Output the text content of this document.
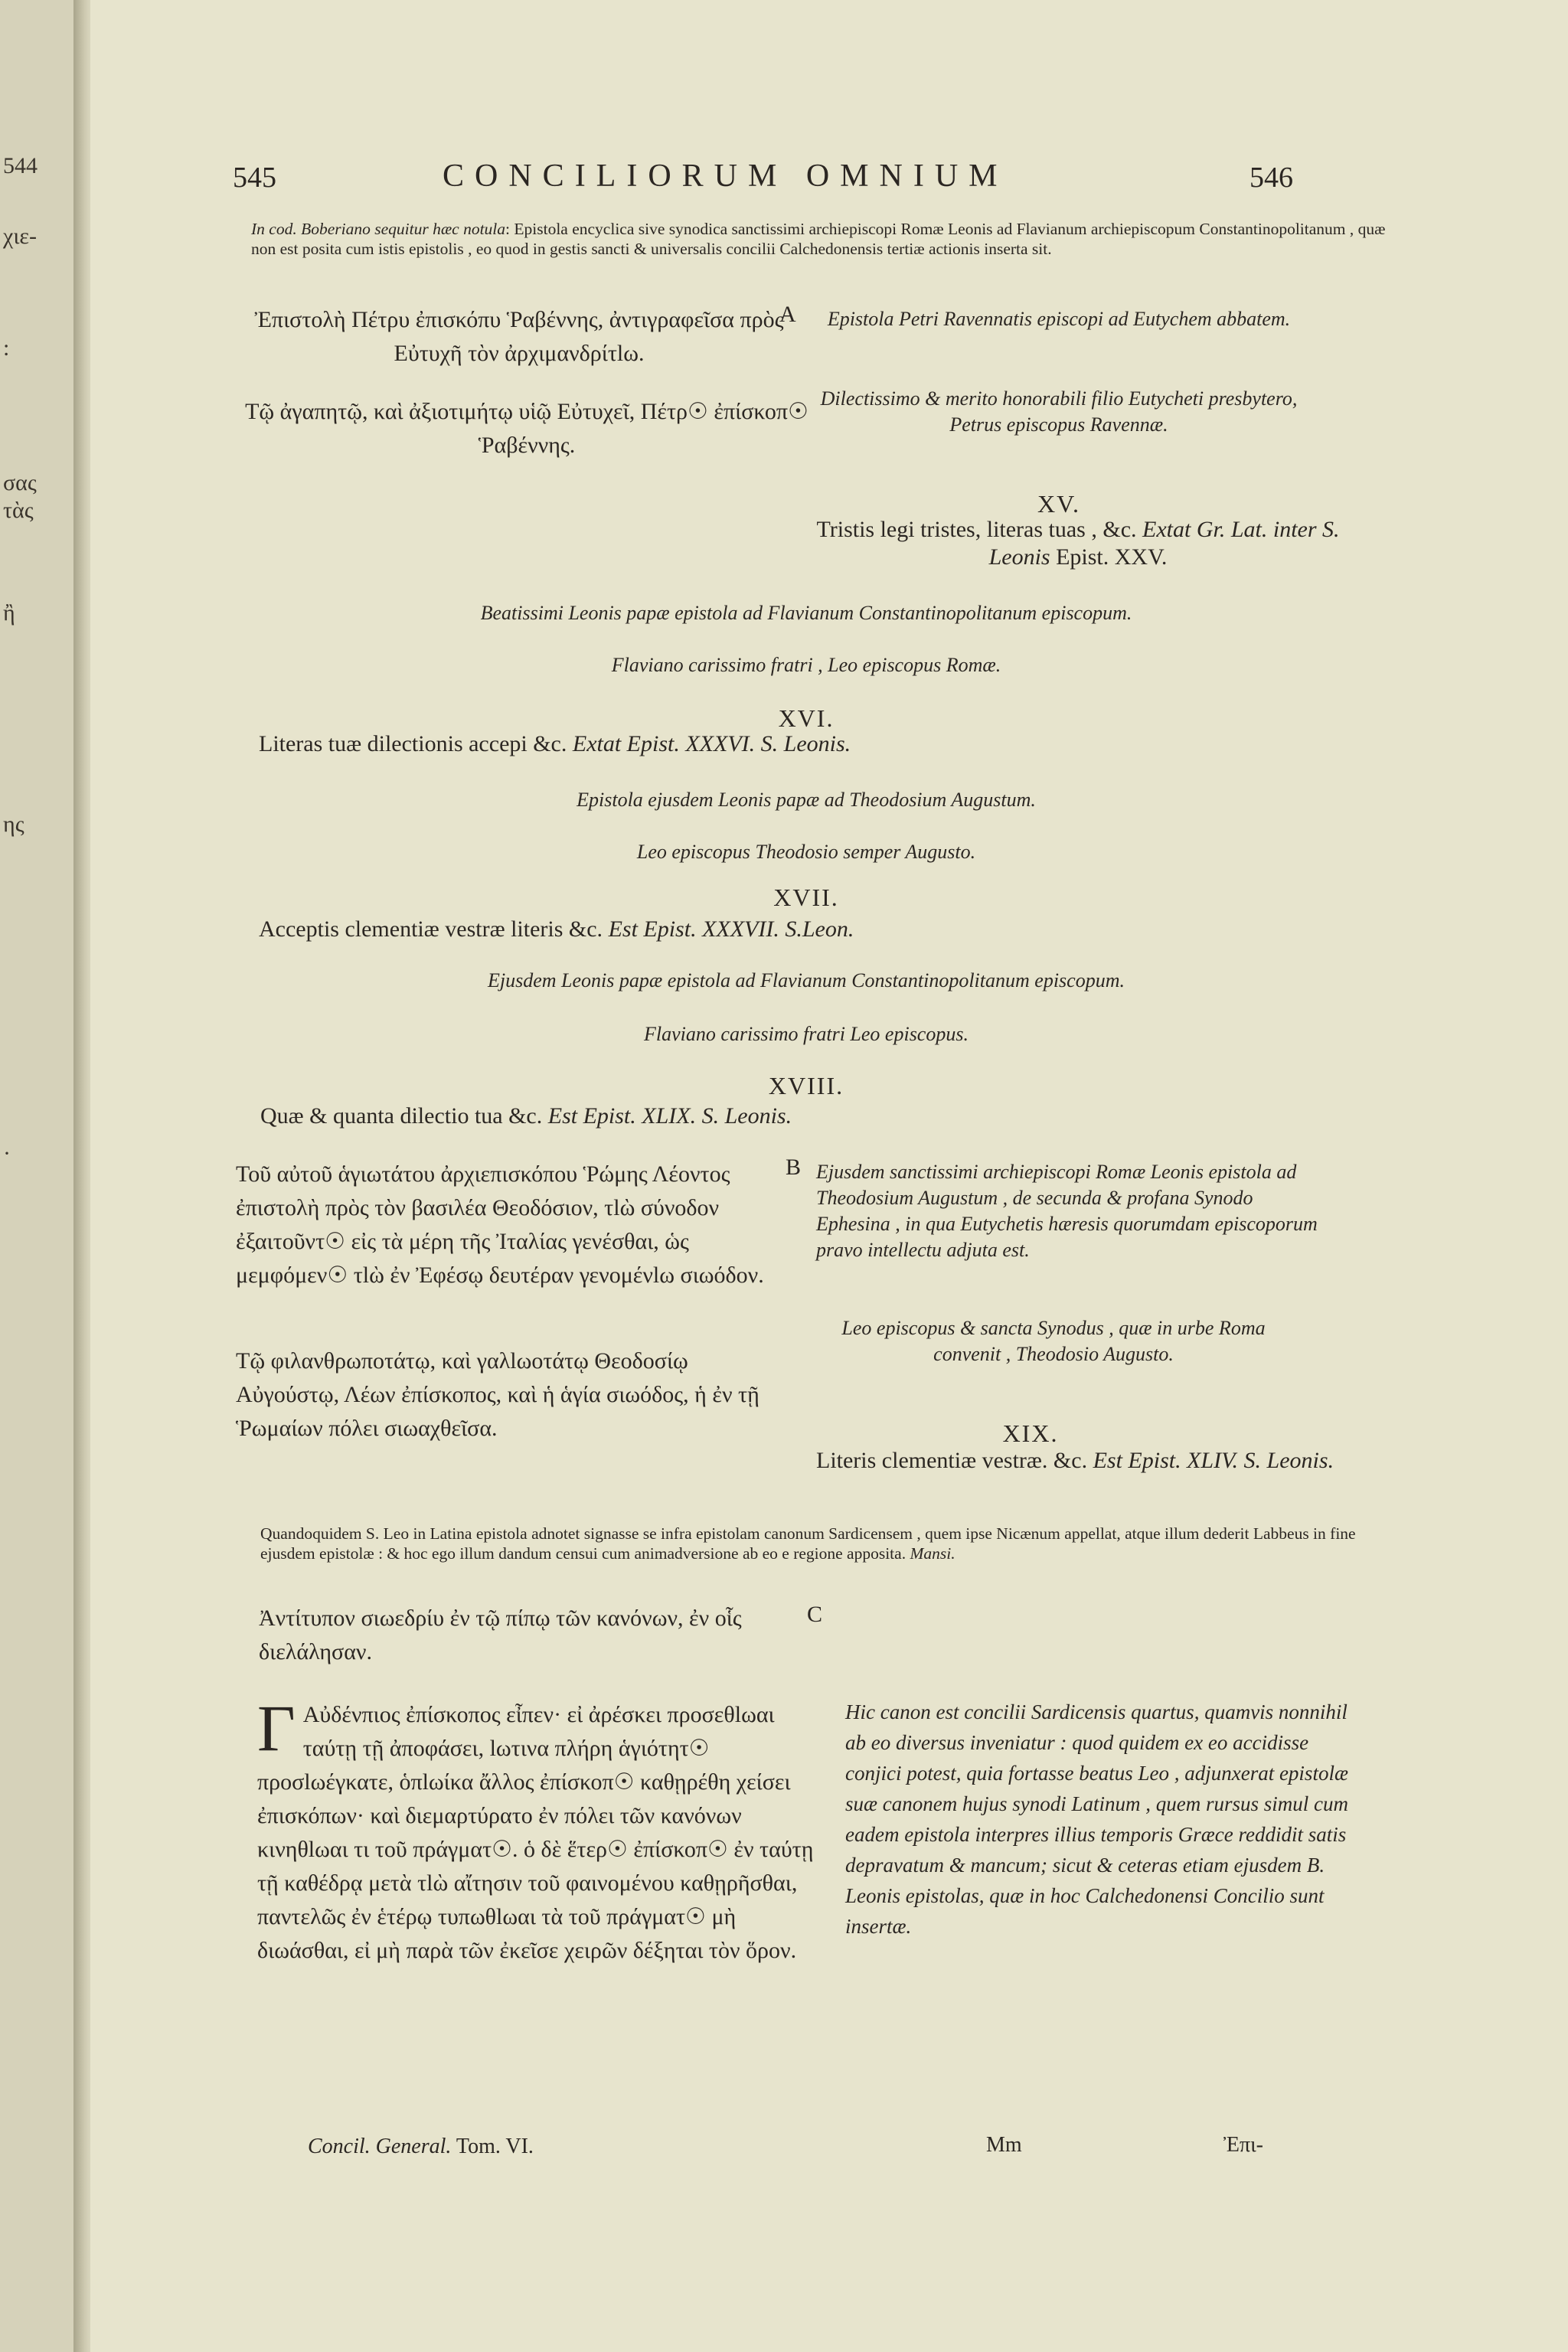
544
χιε-
:
σας
τὰς
ἢ
ης
·
545	CONCILIORUM OMNIUM	546
In cod. Boberiano sequitur hæc notula: Epistola encyclica sive synodica sanctissimi archiepiscopi Romæ Leonis ad Flavianum archiepiscopum Constantinopolitanum , quæ non est posita cum istis epistolis , eo quod in gestis sancti & universalis concilii Calchedonensis tertiæ actionis inserta sit.
Ἐπιστολὴ Πέτρυ ἐπισκόπυ Ῥαβέννης, ἀντιγραφεῖσα πρὸς Εὐτυχῆ τὸν ἀρχιμανδρίτlω.
A	Epistola Petri Ravennatis episcopi ad Eutychem abbatem.
Τῷ ἀγαπητῷ, καὶ ἀξιοτιμήτῳ υἱῷ Εὐτυχεῖ, Πέτρ☉ ἐπίσκοπ☉ Ῥαβέννης.
Dilectissimo & merito honorabili filio Eutycheti presbytero, Petrus episcopus Ravennæ.
XV.
Tristis legi tristes, literas tuas , &c. Extat Gr. Lat. inter S. Leonis Epist. XXV.
Beatissimi Leonis papæ epistola ad Flavianum Constantinopolitanum episcopum.
Flaviano carissimo fratri , Leo episcopus Romæ.
XVI.
Literas tuæ dilectionis accepi &c. Extat Epist. XXXVI. S. Leonis.
Epistola ejusdem Leonis papæ ad Theodosium Augustum.
Leo episcopus Theodosio semper Augusto.
XVII.
Acceptis clementiæ vestræ literis &c. Est Epist. XXXVII. S.Leon.
Ejusdem Leonis papæ epistola ad Flavianum Constantinopolitanum episcopum.
Flaviano carissimo fratri Leo episcopus.
XVIII.
Quæ & quanta dilectio tua &c. Est Epist. XLIX. S. Leonis.
Τοῦ αὐτοῦ ἁγιωτάτου ἀρχιεπισκόπου Ῥώμης Λέοντος ἐπιστολὴ πρὸς τὸν βασιλέα Θεοδόσιον, τlὼ σύνοδον ἐξαιτοῦντ☉ εἰς τὰ μέρη τῆς Ἰταλίας γενέσθαι, ὡς μεμφόμεν☉ τlὼ ἐν Ἐφέσῳ δευτέραν γενομένlω σιωόδον.
B Ejusdem sanctissimi archiepiscopi Romæ Leonis epistola ad Theodosium Augustum , de secunda & profana Synodo Ephesina , in qua Eutychetis hæresis quorumdam episcoporum pravo intellectu adjuta est.
Τῷ φιλανθρωποτάτῳ, καὶ γαλlωοτάτῳ Θεοδοσίῳ Αὐγούστῳ, Λέων ἐπίσκοπος, καὶ ἡ ἁγία σιωόδος, ἡ ἐν τῇ Ῥωμαίων πόλει σιωαχθεῖσα.
Leo episcopus & sancta Synodus , quæ in urbe Roma convenit , Theodosio Augusto.
XIX.
Literis clementiæ vestræ. &c. Est Epist. XLIV. S. Leonis.
Quandoquidem S. Leo in Latina epistola adnotet signasse se infra epistolam canonum Sardicensem , quem ipse Nicænum appellat, atque illum dederit Labbeus in fine ejusdem epistolæ : & hoc ego illum dandum censui cum animadversione ab eo e regione apposita. Mansi.
Ἀντίτυπον σιωεδρίυ ἐν τῷ πίπῳ τῶν κανόνων, ἐν οἷς διελάλησαν.
C
Γ Αὐδένπιος ἐπίσκοπος εἶπεν· εἰ ἀρέσκει προσεθlωαι ταύτῃ τῇ ἀποφάσει, lωτινα πλήρη ἁγιότητ☉ προσlωέγκατε, ὁπlωίκα ἄλλος ἐπίσκοπ☉ καθῃρέθη χείσει ἐπισκόπων· καὶ διεμαρτύρατο ἐν πόλει τῶν κανόνων κινηθlωαι τι τοῦ πράγματ☉. ὁ δὲ ἕτερ☉ ἐπίσκοπ☉ ἐν ταύτῃ τῇ καθέδρᾳ μετὰ τlὼ αἴτησιν τοῦ φαινομένου καθῃρῆσθαι, παντελῶς ἐν ἑτέρῳ τυπωθlωαι τὰ τοῦ πράγματ☉ μὴ διωάσθαι, εἰ μὴ παρὰ τῶν ἐκεῖσε χειρῶν δέξηται τὸν ὅρον.
Hic canon est concilii Sardicensis quartus, quamvis nonnihil ab eo diversus inveniatur : quod quidem ex eo accidisse conjici potest, quia fortasse beatus Leo , adjunxerat epistolæ suæ canonem hujus synodi Latinum , quem rursus simul cum eadem epistola interpres illius temporis Græce reddidit satis depravatum & mancum; sicut & ceteras etiam ejusdem B. Leonis epistolas, quæ in hoc Calchedonensi Concilio sunt insertæ.
Concil. General. Tom. VI.	Mm	Ἐπι-
